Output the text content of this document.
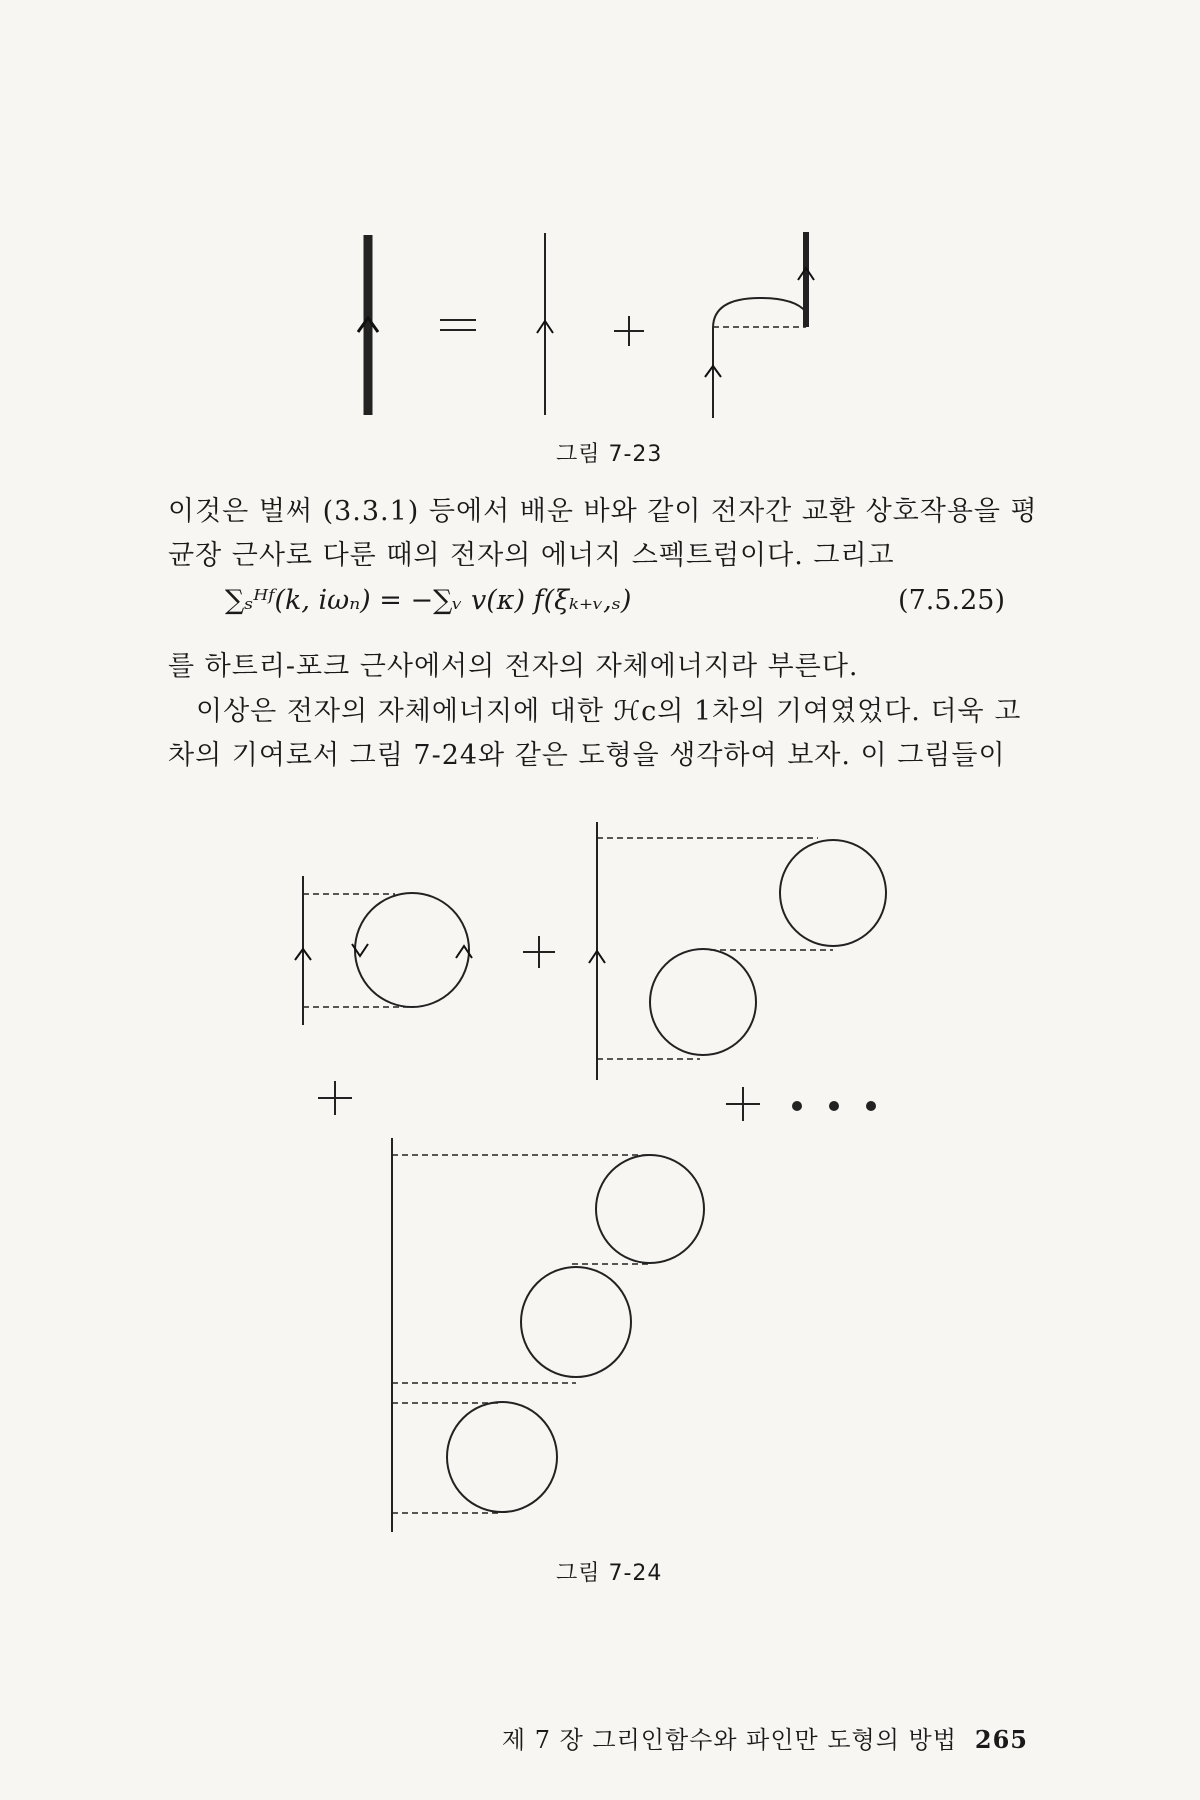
그림 7-23
이것은 벌써 (3.3.1) 등에서 배운 바와 같이 전자간 교환 상호작용을 평균장 근사로 다룬 때의 전자의 에너지 스펙트럼이다. 그리고
∑ₛᴴᶠ(k, iωₙ) = −∑ᵥ v(κ) f(ξₖ₊ᵥ,ₛ)	(7.5.25)
를 하트리-포크 근사에서의 전자의 자체에너지라 부른다.
이상은 전자의 자체에너지에 대한 ℋc의 1차의 기여였었다. 더욱 고차의 기여로서 그림 7-24와 같은 도형을 생각하여 보자. 이 그림들이
그림 7-24
제 7 장 그리인함수와 파인만 도형의 방법 265
